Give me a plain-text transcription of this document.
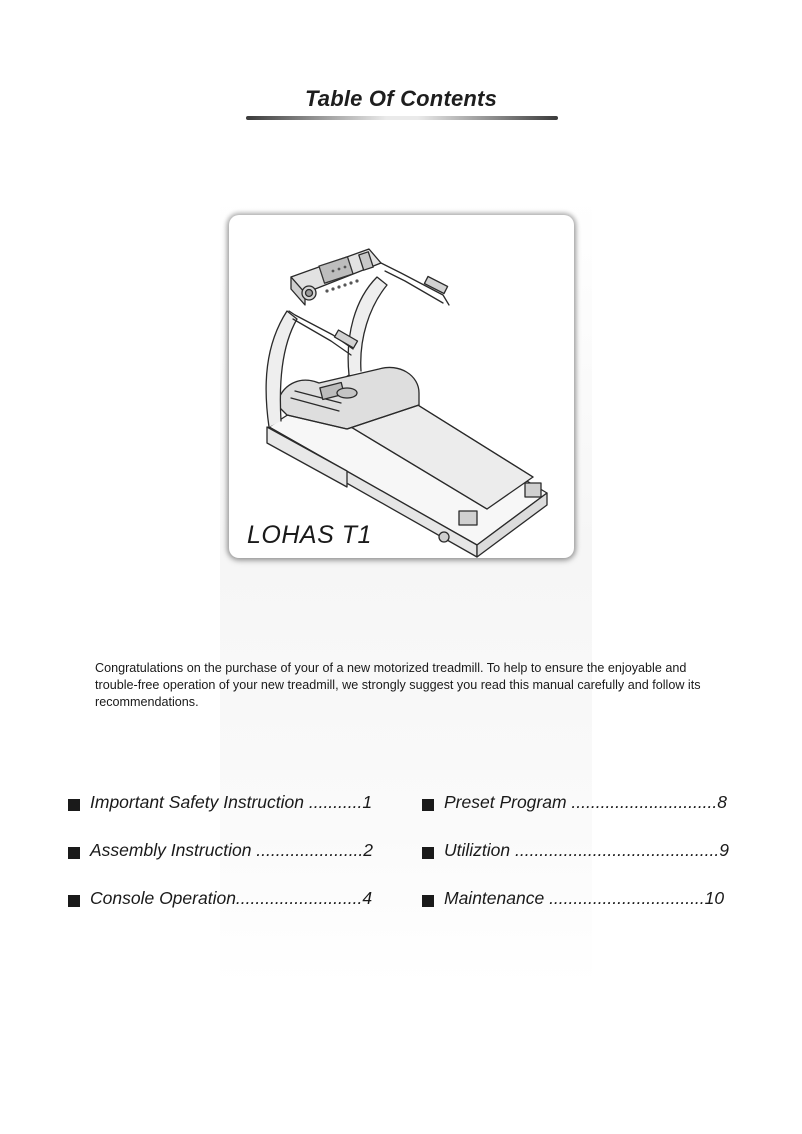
Table Of Contents
LOHAS T1
Congratulations on the purchase of your of a new motorized treadmill. To help to ensure the enjoyable and trouble-free operation of your new treadmill, we strongly suggest you read this manual carefully and follow its recommendations.
Important Safety Instruction ...........1
Assembly Instruction ......................2
Console Operation..........................4
Preset Program ..............................8
Utiliztion ..........................................9
Maintenance ................................10
